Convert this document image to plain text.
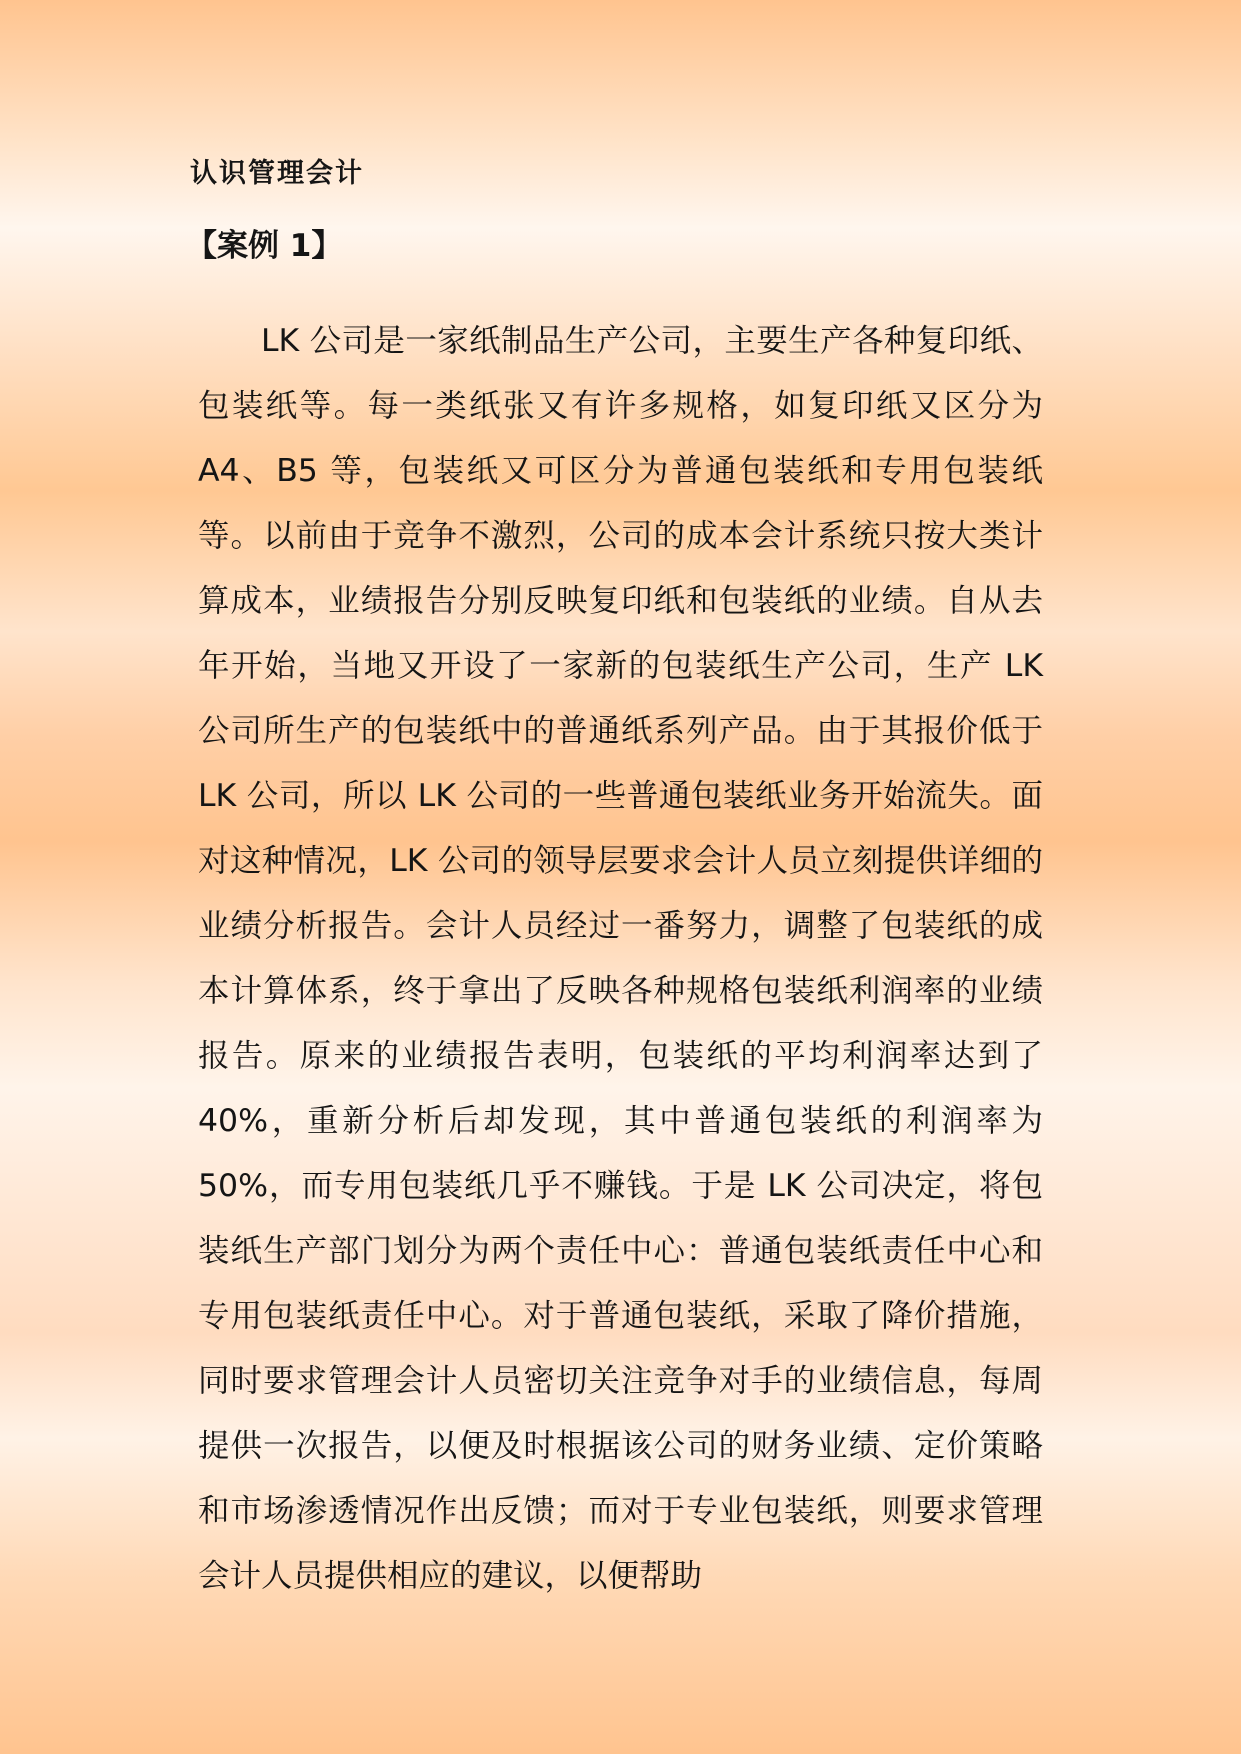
认识管理会计
【案例 1】

LK 公司是一家纸制品生产公司，主要生产各种复印纸、包装纸等。每一类纸张又有许多规格，如复印纸又区分为 A4、B5 等，包装纸又可区分为普通包装纸和专用包装纸等。以前由于竞争不激烈，公司的成本会计系统只按大类计算成本，业绩报告分别反映复印纸和包装纸的业绩。自从去年开始，当地又开设了一家新的包装纸生产公司，生产 LK 公司所生产的包装纸中的普通纸系列产品。由于其报价低于 LK 公司，所以 LK 公司的一些普通包装纸业务开始流失。面对这种情况，LK 公司的领导层要求会计人员立刻提供详细的业绩分析报告。会计人员经过一番努力，调整了包装纸的成本计算体系，终于拿出了反映各种规格包装纸利润率的业绩报告。原来的业绩报告表明，包装纸的平均利润率达到了 40%，重新分析后却发现，其中普通包装纸的利润率为 50%，而专用包装纸几乎不赚钱。于是 LK 公司决定，将包装纸生产部门划分为两个责任中心：普通包装纸责任中心和专用包装纸责任中心。对于普通包装纸，采取了降价措施，同时要求管理会计人员密切关注竞争对手的业绩信息，每周提供一次报告，以便及时根据该公司的财务业绩、定价策略和市场渗透情况作出反馈；而对于专业包装纸，则要求管理会计人员提供相应的建议，以便帮助
